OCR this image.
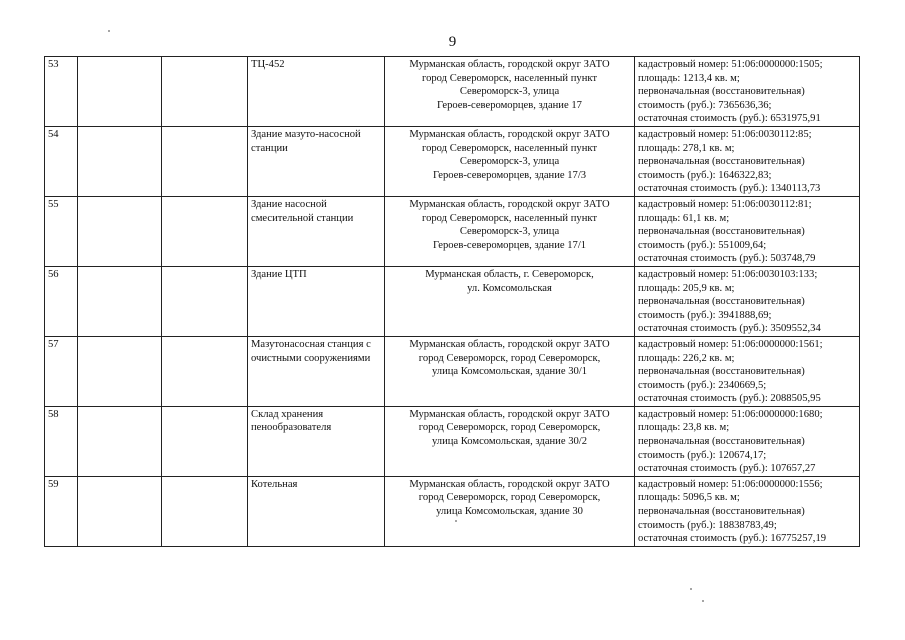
9
53			ТЦ-452	Мурманская область, городской округ ЗАТО
город Североморск, населенный пункт
Североморск-3, улица
Героев-североморцев, здание 17	кадастровый номер: 51:06:0000000:1505;
площадь: 1213,4 кв. м;
первоначальная (восстановительная)
стоимость (руб.): 7365636,36;
остаточная стоимость (руб.): 6531975,91

54			Здание мазуто-насосной станции	Мурманская область, городской округ ЗАТО
город Североморск, населенный пункт
Североморск-3, улица
Героев-североморцев, здание 17/3	кадастровый номер: 51:06:0030112:85;
площадь: 278,1 кв. м;
первоначальная (восстановительная)
стоимость (руб.): 1646322,83;
остаточная стоимость (руб.): 1340113,73

55			Здание насосной смесительной станции	Мурманская область, городской округ ЗАТО
город Североморск, населенный пункт
Североморск-3, улица
Героев-североморцев, здание 17/1	кадастровый номер: 51:06:0030112:81;
площадь: 61,1 кв. м;
первоначальная (восстановительная)
стоимость (руб.): 551009,64;
остаточная стоимость (руб.): 503748,79

56			Здание ЦТП	Мурманская область, г. Североморск,
ул. Комсомольская	кадастровый номер: 51:06:0030103:133;
площадь: 205,9 кв. м;
первоначальная (восстановительная)
стоимость (руб.): 3941888,69;
остаточная стоимость (руб.): 3509552,34

57			Мазутонасосная станция с очистными сооружениями	Мурманская область, городской округ ЗАТО
город Североморск, город Североморск,
улица Комсомольская, здание 30/1	кадастровый номер: 51:06:0000000:1561;
площадь: 226,2 кв. м;
первоначальная (восстановительная)
стоимость (руб.): 2340669,5;
остаточная стоимость (руб.): 2088505,95

58			Склад хранения пенообразователя	Мурманская область, городской округ ЗАТО
город Североморск, город Североморск,
улица Комсомольская, здание 30/2	кадастровый номер: 51:06:0000000:1680;
площадь: 23,8 кв. м;
первоначальная (восстановительная)
стоимость (руб.): 120674,17;
остаточная стоимость (руб.): 107657,27

59			Котельная	Мурманская область, городской округ ЗАТО
город Североморск, город Североморск,
улица Комсомольская, здание 30	кадастровый номер: 51:06:0000000:1556;
площадь: 5096,5 кв. м;
первоначальная (восстановительная)
стоимость (руб.): 18838783,49;
остаточная стоимость (руб.): 16775257,19
